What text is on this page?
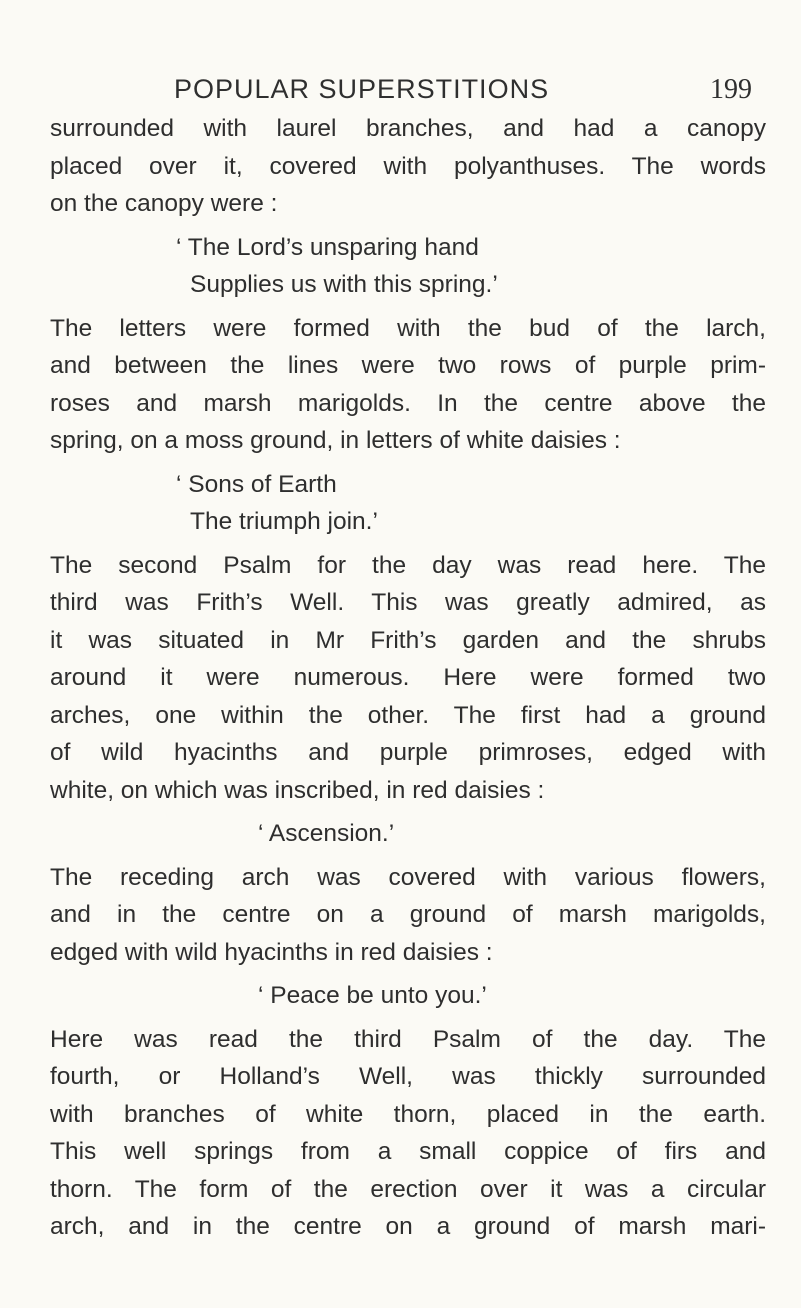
POPULAR SUPERSTITIONS	199

surrounded with laurel branches, and had a canopy
placed over it, covered with polyanthuses. The words
on the canopy were :

‘ The Lord’s unsparing hand
Supplies us with this spring.’

The letters were formed with the bud of the larch,
and between the lines were two rows of purple prim-
roses and marsh marigolds. In the centre above the
spring, on a moss ground, in letters of white daisies :

‘ Sons of Earth
The triumph join.’

The second Psalm for the day was read here. The
third was Frith’s Well. This was greatly admired, as
it was situated in Mr Frith’s garden and the shrubs
around it were numerous. Here were formed two
arches, one within the other. The first had a ground
of wild hyacinths and purple primroses, edged with
white, on which was inscribed, in red daisies :

‘ Ascension.’

The receding arch was covered with various flowers,
and in the centre on a ground of marsh marigolds,
edged with wild hyacinths in red daisies :

‘ Peace be unto you.’

Here was read the third Psalm of the day. The
fourth, or Holland’s Well, was thickly surrounded
with branches of white thorn, placed in the earth.
This well springs from a small coppice of firs and
thorn. The form of the erection over it was a circular
arch, and in the centre on a ground of marsh mari-
